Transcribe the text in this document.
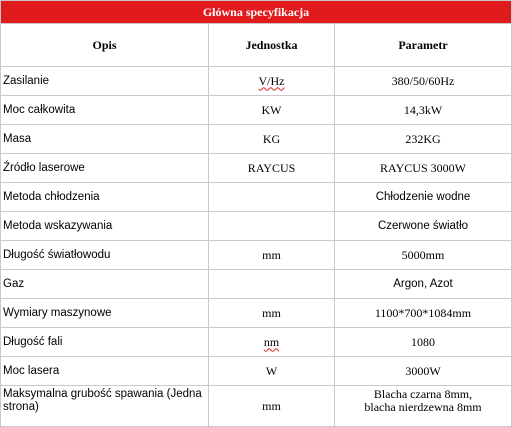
Główna specyfikacja		
Opis	Jednostka	Parametr
Zasilanie	V/Hz	380/50/60Hz
Moc całkowita	KW	14,3kW
Masa	KG	232KG
Źródło laserowe	RAYCUS	RAYCUS 3000W
Metoda chłodzenia		Chłodzenie wodne
Metoda wskazywania		Czerwone światło
Długość światłowodu	mm	5000mm
Gaz		Argon, Azot
Wymiary maszynowe	mm	1100*700*1084mm
Długość fali	nm	1080
Moc lasera	W	3000W
Maksymalna grubość spawania (Jedna strona)	mm	Blacha czarna 8mm,
blacha nierdzewna 8mm
